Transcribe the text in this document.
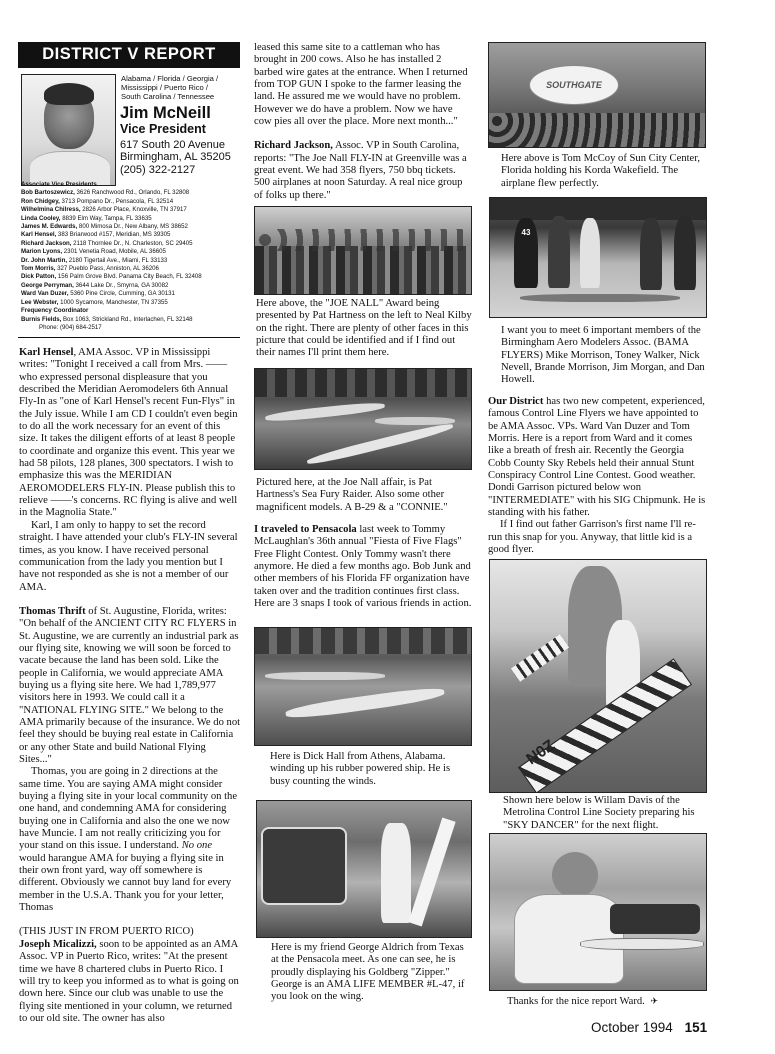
DISTRICT V REPORT
Alabama / Florida / Georgia /
Mississippi / Puerto Rico /
South Carolina / Tennessee
Jim McNeill
Vice President
617 South 20 Avenue
Birmingham, AL 35205
(205) 322-2127
Associate Vice Presidents
Bob Bartoszewicz, 3626 Ranchwood Rd., Orlando, FL 32808
Ron Chidgey, 3713 Pompano Dr., Pensacola, FL 32514
Wilhelmina Chilress, 2826 Arbor Place, Knoxville, TN 37917
Linda Cooley, 8839 Elm Way, Tampa, FL 33635
James M. Edwards, 800 Mimosa Dr., New Albany, MS 38652
Karl Hensel, 383 Briarwood #157, Meridian, MS 39305
Richard Jackson, 2118 Thornlee Dr., N. Charleston, SC 29405
Marion Lyons, 2301 Venetia Road, Mobile, AL 36605
Dr. John Martin, 2180 Tigertail Ave., Miami, FL 33133
Tom Morris, 327 Pueblo Pass, Anniston, AL 36206
Dick Patton, 156 Palm Grove Blvd. Panama City Beach, FL 32408
George Perryman, 3644 Lake Dr., Smyrna, GA 30082
Ward Van Duzer, 5360 Pine Circle, Cumming, GA 30131
Lee Webster, 1000 Sycamore, Manchester, TN 37355
Frequency Coordinator
Burnis Fields, Box 1063, Strickland Rd., Interlachen, FL 32148
Phone: (904) 684-2517

Karl Hensel, AMA Assoc. VP in Mississippi writes: "Tonight I received a call from Mrs. —— who expressed personal displeasure that you described the Meridian Aeromodelers 6th Annual Fly-In as "one of Karl Hensel's recent Fun-Flys" in the July issue. While I am CD I couldn't even begin to do all the work necessary for an event of this size. It takes the diligent efforts of at least 8 people to coordinate and organize this event. This year we had 58 pilots, 128 planes, 300 spectators. I wish to emphasize this was the MERIDIAN AEROMODELERS FLY-IN. Please publish this to relieve ——'s concerns. RC flying is alive and well in the Magnolia State."

Karl, I am only to happy to set the record straight. I have attended your club's FLY-IN several times, as you know. I have received personal communication from the lady you mention but I have not responded as she is not a member of our AMA.

Thomas Thrift of St. Augustine, Florida, writes: "On behalf of the ANCIENT CITY RC FLYERS in St. Augustine, we are currently an industrial park as our flying site, knowing we will soon be forced to vacate because the land has been sold. Like the people in California, we would appreciate AMA buying us a flying site here. We had 1,789,977 visitors here in 1993. We could call it a "NATIONAL FLYING SITE." We belong to the AMA primarily because of the insurance. We do not feel they should be buying real estate in California or any other State and build National Flying Sites..."

Thomas, you are going in 2 directions at the same time. You are saying AMA might consider buying a flying site in your local community on the one hand, and condemning AMA for considering buying one in California and also the one we now have Muncie. I am not really criticizing you for your stand on this issue. I understand. No one would harangue AMA for buying a flying site in their own front yard, way off somewhere is different. Obviously we cannot buy land for every member in the U.S.A. Thank you for your letter, Thomas

(THIS JUST IN FROM PUERTO RICO)

Joseph Micalizzi, soon to be appointed as an AMA Assoc. VP in Puerto Rico, writes: "At the present time we have 8 chartered clubs in Puerto Rico. I will try to keep you informed as to what is going on down here. Since our club was unable to use the flying site mentioned in your column, we returned to our old site. The owner has also

leased this same site to a cattleman who has brought in 200 cows. Also he has installed 2 barbed wire gates at the entrance. When I returned from TOP GUN I spoke to the farmer leasing the land. He assured me we would have no problem. However we do have a problem. Now we have cow pies all over the place. More next month..."

Richard Jackson, Assoc. VP in South Carolina, reports: "The Joe Nall FLY-IN at Greenville was a great event. We had 358 flyers, 750 bbq tickets. 500 airplanes at noon Saturday. A real nice group of folks up there."

Here above, the "JOE NALL" Award being presented by Pat Hartness on the left to Neal Kilby on the right. There are plenty of other faces in this picture that could be identified and if I find out their names I'll print them here.
Pictured here, at the Joe Nall affair, is Pat Hartness's Sea Fury Raider. Also some other magnificent models. A B-29 & a "CONNIE."

I traveled to Pensacola last week to Tommy McLaughlan's 36th annual "Fiesta of Five Flags" Free Flight Contest. Only Tommy wasn't there anymore. He died a few months ago. Bob Junk and other members of his Florida FF organization have taken over and the tradition continues first class. Here are 3 snaps I took of various friends in action.

Here is Dick Hall from Athens, Alabama. winding up his rubber powered ship. He is busy counting the winds.
Here is my friend George Aldrich from Texas at the Pensacola meet. As one can see, he is proudly displaying his Goldberg "Zipper." George is an AMA LIFE MEMBER #L-47, if you look on the wing.
SOUTHGATE
Here above is Tom McCoy of Sun City Center, Florida holding his Korda Wakefield. The airplane flew perfectly.
43
I want you to meet 6 important members of the Birmingham Aero Modelers Assoc. (BAMA FLYERS) Mike Morrison, Toney Walker, Nick Nevell, Brande Morrison, Jim Morgan, and Dan Howell.

Our District has two new competent, experienced, famous Control Line Flyers we have appointed to be AMA Assoc. VPs. Ward Van Duzer and Tom Morris. Here is a report from Ward and it comes like a breath of fresh air. Recently the Georgia Cobb County Sky Rebels held their annual Stunt Conspiracy Control Line Contest. Good weather. Dondi Garrison pictured below won "INTERMEDIATE" with his SIG Chipmunk. He is standing with his father.

If I find out father Garrison's first name I'll re-run this snap for you. Anyway, that little kid is a good flyer.

N0Z
Shown here below is Willam Davis of the Metrolina Control Line Society preparing his "SKY DANCER" for the next flight.
Thanks for the nice report Ward. ✈
October 1994 151
